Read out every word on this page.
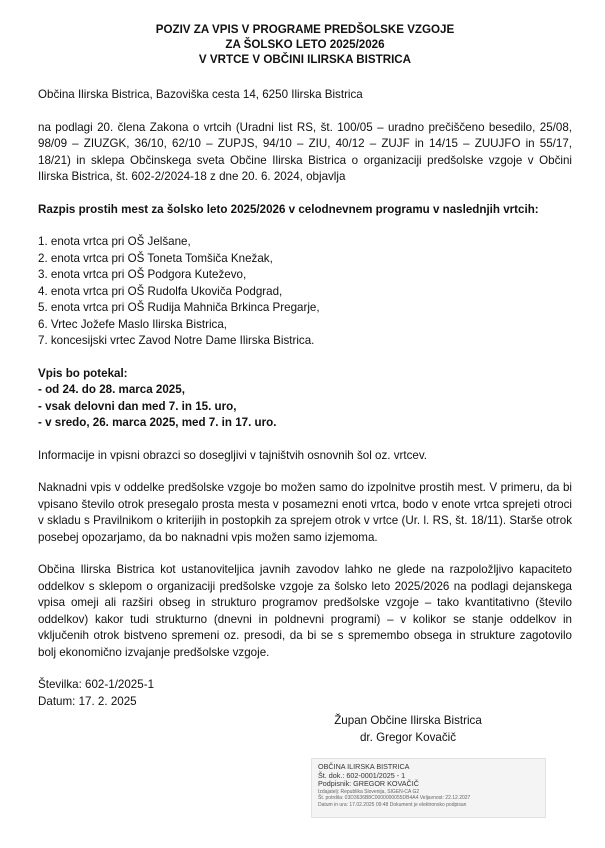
POZIV ZA VPIS V PROGRAME PREDŠOLSKE VZGOJE
ZA ŠOLSKO LETO 2025/2026
V VRTCE V OBČINI ILIRSKA BISTRICA

Občina Ilirska Bistrica, Bazoviška cesta 14, 6250 Ilirska Bistrica

na podlagi 20. člena Zakona o vrtcih (Uradni list RS, št. 100/05 – uradno prečiščeno besedilo, 25/08, 98/09 – ZIUZGK, 36/10, 62/10 – ZUPJS, 94/10 – ZIU, 40/12 – ZUJF in 14/15 – ZUUJFO in 55/17, 18/21) in sklepa Občinskega sveta Občine Ilirska Bistrica o organizaciji predšolske vzgoje v Občini Ilirska Bistrica, št. 602-2/2024-18 z dne 20. 6. 2024, objavlja

Razpis prostih mest za šolsko leto 2025/2026 v celodnevnem programu v naslednjih vrtcih:

1. enota vrtca pri OŠ Jelšane,
2. enota vrtca pri OŠ Toneta Tomšiča Knežak,
3. enota vrtca pri OŠ Podgora Kuteževo,
4. enota vrtca pri OŠ Rudolfa Ukoviča Podgrad,
5. enota vrtca pri OŠ Rudija Mahniča Brkinca Pregarje,
6. Vrtec Jožefe Maslo Ilirska Bistrica,
7. koncesijski vrtec Zavod Notre Dame Ilirska Bistrica.
Vpis bo potekal:
- od 24. do 28. marca 2025,
- vsak delovni dan med 7. in 15. uro,
- v sredo, 26. marca 2025, med 7. in 17. uro.

Informacije in vpisni obrazci so dosegljivi v tajništvih osnovnih šol oz. vrtcev.

Naknadni vpis v oddelke predšolske vzgoje bo možen samo do izpolnitve prostih mest. V primeru, da bi vpisano število otrok presegalo prosta mesta v posamezni enoti vrtca, bodo v enote vrtca sprejeti otroci v skladu s Pravilnikom o kriterijih in postopkih za sprejem otrok v vrtce (Ur. l. RS, št. 18/11). Starše otrok posebej opozarjamo, da bo naknadni vpis možen samo izjemoma.

Občina Ilirska Bistrica kot ustanoviteljica javnih zavodov lahko ne glede na razpoložljivo kapaciteto oddelkov s sklepom o organizaciji predšolske vzgoje za šolsko leto 2025/2026 na podlagi dejanskega vpisa omeji ali razširi obseg in strukturo programov predšolske vzgoje – tako kvantitativno (število oddelkov) kakor tudi strukturno (dnevni in poldnevni programi) – v kolikor se stanje oddelkov in vključenih otrok bistveno spremeni oz. presodi, da bi se s spremembo obsega in strukture zagotovilo bolj ekonomično izvajanje predšolske vzgoje.

Številka: 602-1/2025-1

Datum: 17. 2. 2025

Župan Občine Ilirska Bistrica
dr. Gregor Kovačič
OBČINA ILIRSKA BISTRICA
Št. dok.: 602-0001/2025 - 1
Podpisnik: GREGOR KOVAČIČ
Izdajatelj: Republika Slovenija, SIGEN-CA G2
Št. potrdila: 03D3636B8C0000000055DB4A4 Veljavnost: 22.12.2027
Datum in ura: 17.02.2025 09:48 Dokument je elektronsko podpisan
